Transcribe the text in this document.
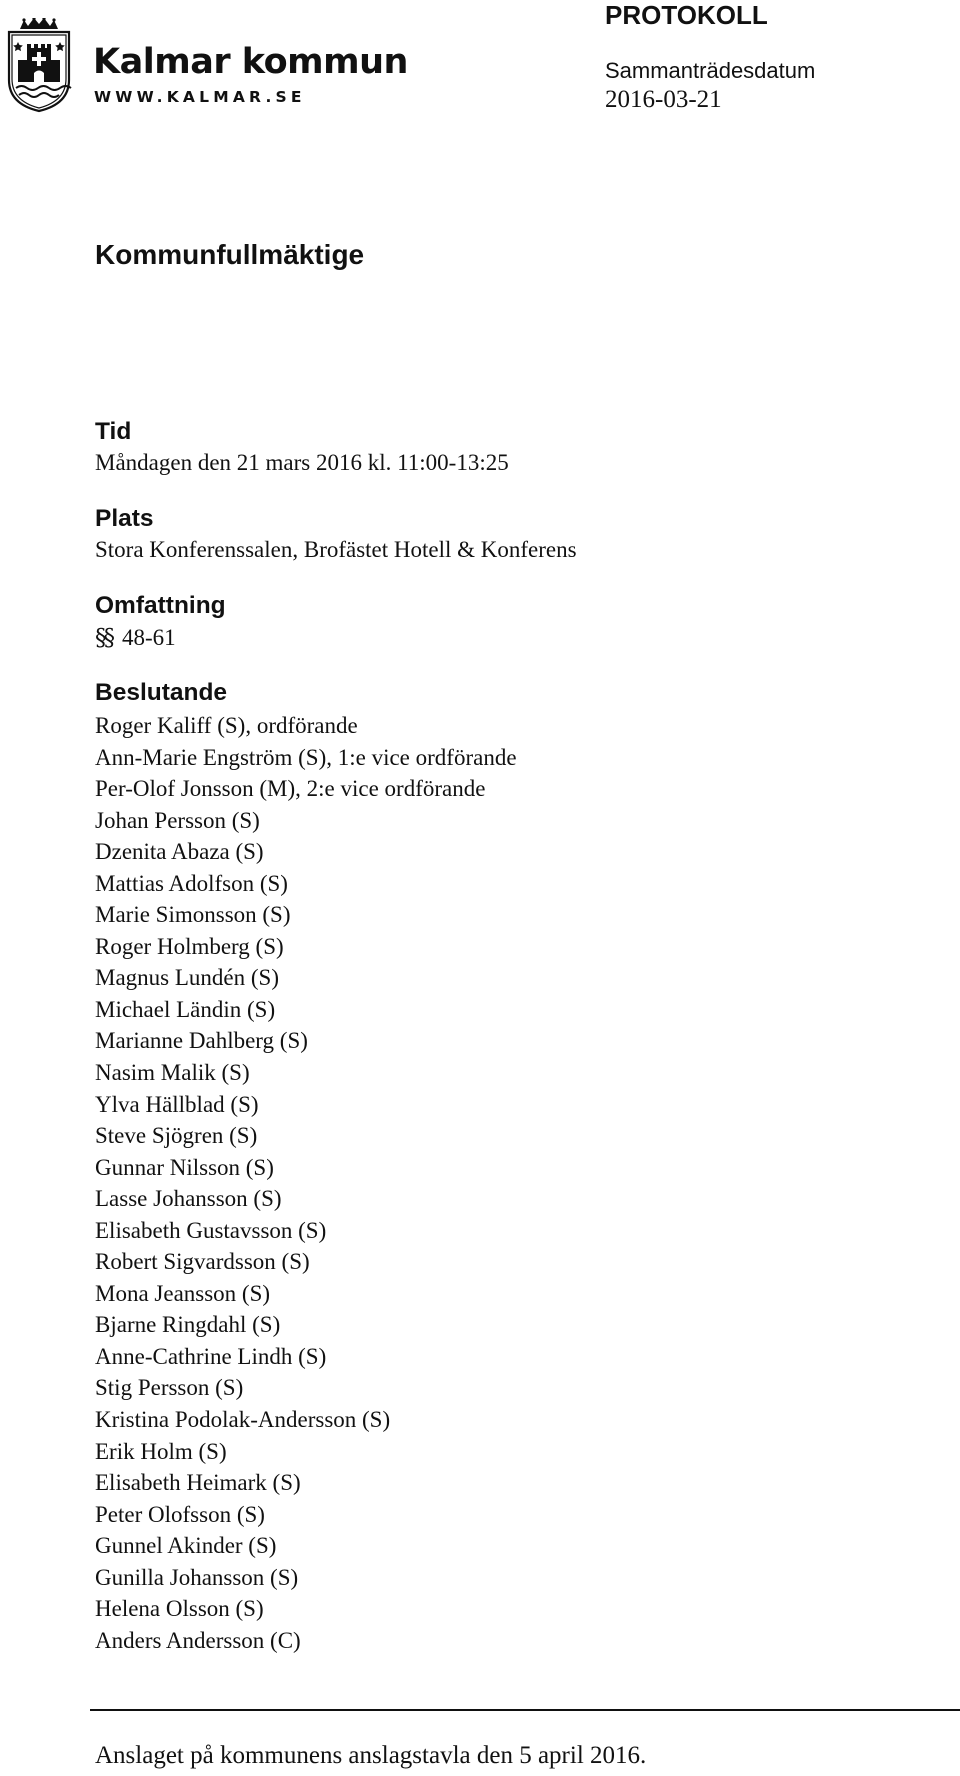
Kalmar kommun
WWW.KALMAR.SE
PROTOKOLL
Sammanträdesdatum
2016-03-21
Kommunfullmäktige
Tid
Måndagen den 21 mars 2016 kl. 11:00-13:25
Plats
Stora Konferenssalen, Brofästet Hotell & Konferens
Omfattning
§§ 48-61
Beslutande
Roger Kaliff (S), ordförande
Ann-Marie Engström (S), 1:e vice ordförande
Per-Olof Jonsson (M), 2:e vice ordförande
Johan Persson (S)
Dzenita Abaza (S)
Mattias Adolfson (S)
Marie Simonsson (S)
Roger Holmberg (S)
Magnus Lundén (S)
Michael Ländin (S)
Marianne Dahlberg (S)
Nasim Malik (S)
Ylva Hällblad (S)
Steve Sjögren (S)
Gunnar Nilsson (S)
Lasse Johansson (S)
Elisabeth Gustavsson (S)
Robert Sigvardsson (S)
Mona Jeansson (S)
Bjarne Ringdahl (S)
Anne-Cathrine Lindh (S)
Stig Persson (S)
Kristina Podolak-Andersson (S)
Erik Holm (S)
Elisabeth Heimark (S)
Peter Olofsson (S)
Gunnel Akinder (S)
Gunilla Johansson (S)
Helena Olsson (S)
Anders Andersson (C)
Anslaget på kommunens anslagstavla den 5 april 2016.
